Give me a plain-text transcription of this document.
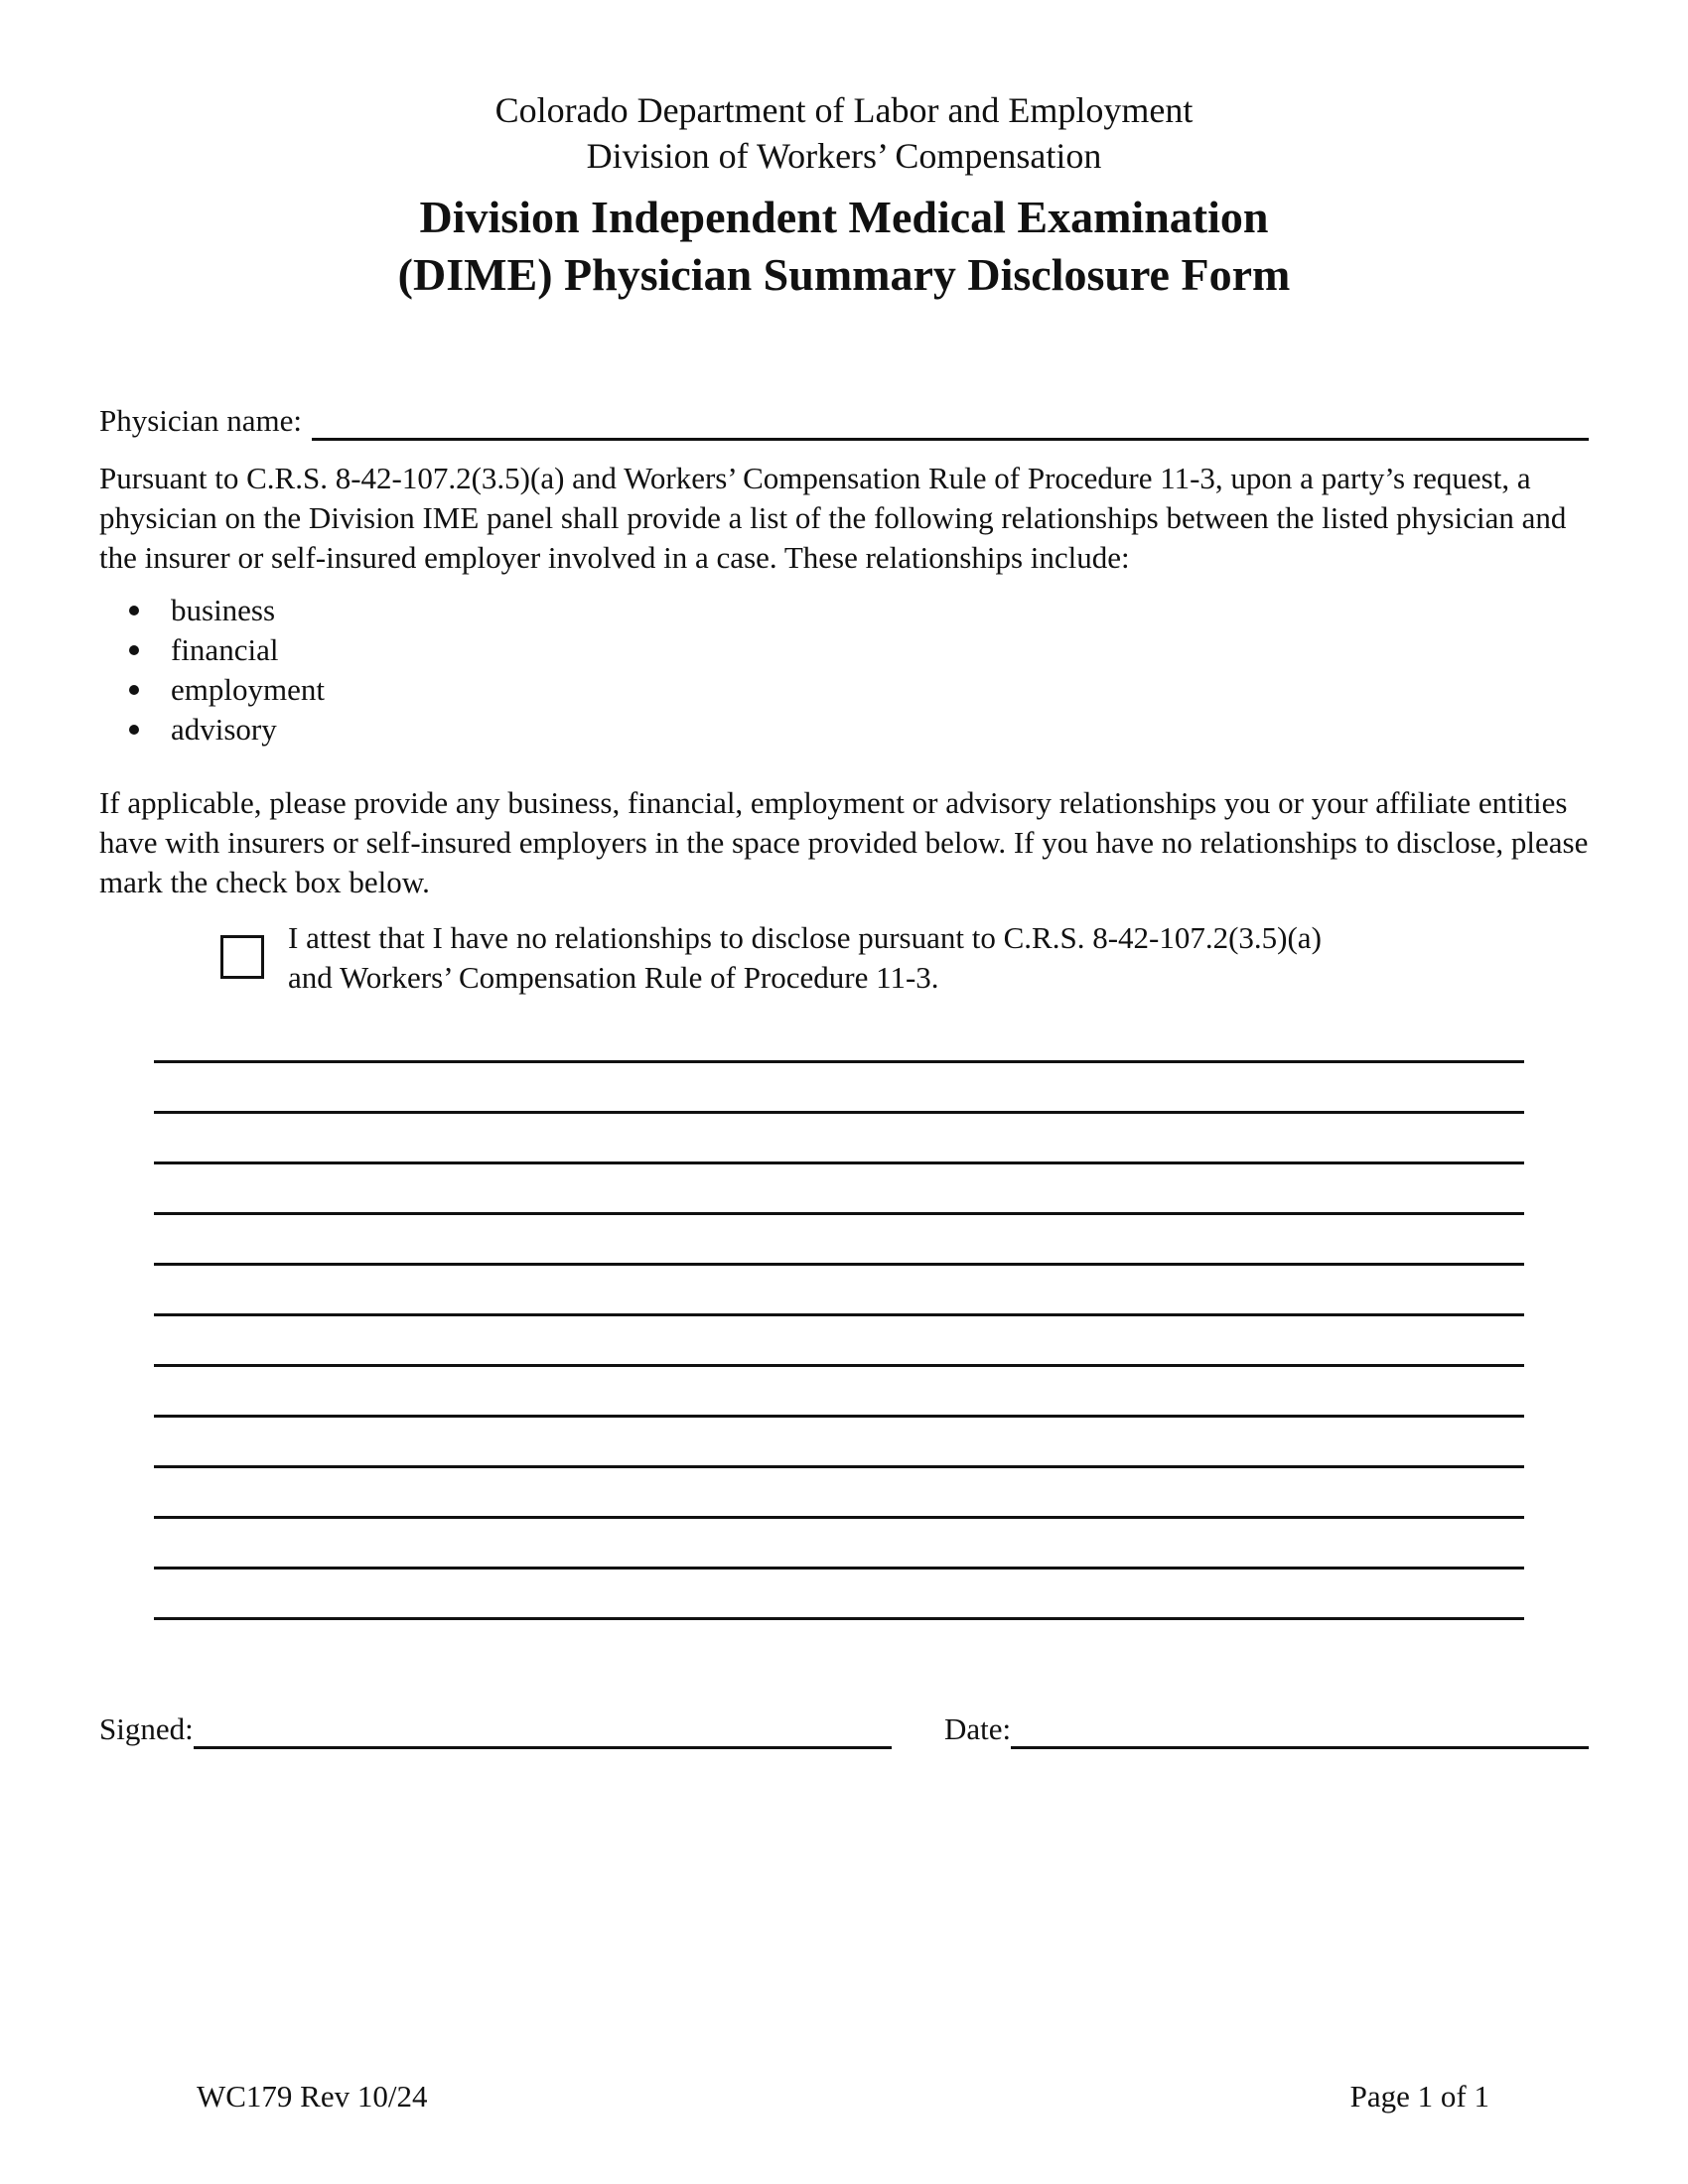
Colorado Department of Labor and Employment
Division of Workers’ Compensation
Division Independent Medical Examination
(DIME) Physician Summary Disclosure Form
Physician name:

Pursuant to C.R.S. 8-42-107.2(3.5)(a) and Workers’ Compensation Rule of Procedure 11-3, upon a party’s request, a physician on the Division IME panel shall provide a list of the following relationships between the listed physician and the insurer or self-insured employer involved in a case. These relationships include:

business
financial
employment
advisory

If applicable, please provide any business, financial, employment or advisory relationships you or your affiliate entities have with insurers or self-insured employers in the space provided below. If you have no relationships to disclose, please mark the check box below.

I attest that I have no relationships to disclose pursuant to C.R.S. 8-42-107.2(3.5)(a)
and Workers’ Compensation Rule of Procedure 11-3.
Signed:	Date:
WC179 Rev 10/24	Page 1 of 1
